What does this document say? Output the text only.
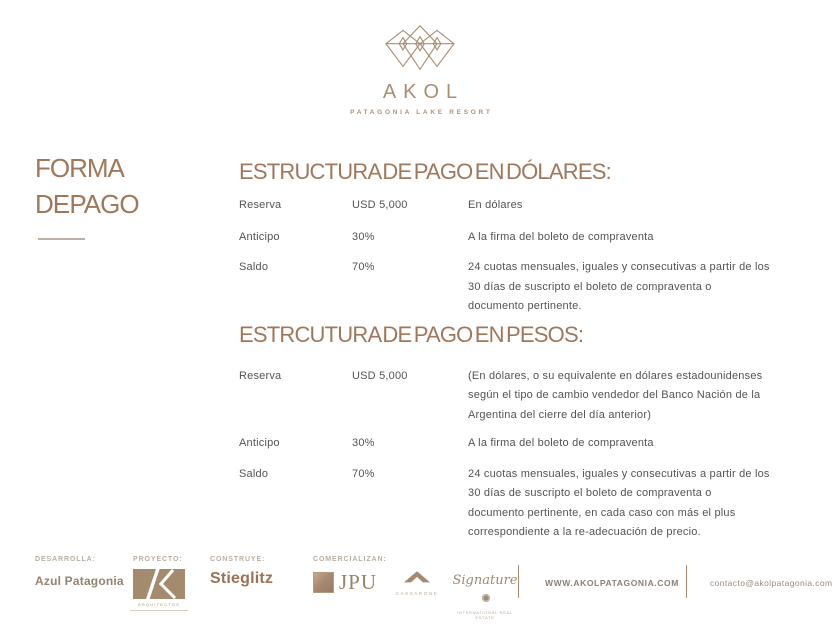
AKOL
PATAGONIA LAKE RESORT
FORMA
DE PAGO
ESTRUCTURA DE PAGO EN DÓLARES:
Reserva	USD 5,000	En dólares
Anticipo	30%	A la firma del boleto de compraventa
Saldo	70%	24 cuotas mensuales, iguales y consecutivas a partir de los 30 días de suscripto el boleto de compraventa o documento pertinente.
ESTRCUTURA DE PAGO EN PESOS:
Reserva	USD 5,000	(En dólares, o su equivalente en dólares estadounidenses según el tipo de cambio vendedor del Banco Nación de la Argentina del cierre del día anterior)
Anticipo	30%	A la firma del boleto de compraventa
Saldo	70%	24 cuotas mensuales, iguales y consecutivas a partir de los 30 días de suscripto el boleto de compraventa o documento pertinente, en cada caso con más el plus correspondiente a la re-adecuación de precio.
DESARROLLA:
Azul Patagonia
PROYECTO:
ARQUITECTOS
CONSTRUYE:
Stieglitz
COMERCIALIZAN:
JPU	CASSARONE
Signature
INTERNATIONAL REAL ESTATE
WWW.AKOLPATAGONIA.COM	contacto@akolpatagonia.com
